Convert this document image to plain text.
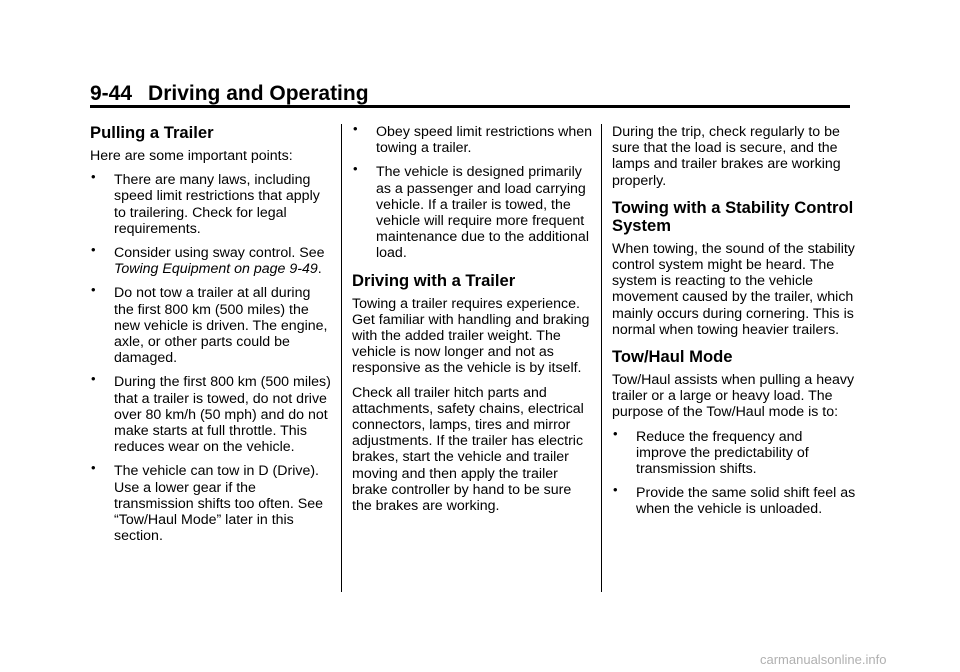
9-44 Driving and Operating
Pulling a Trailer

Here are some important points:

• There are many laws, including speed limit restrictions that apply to trailering. Check for legal requirements.
• Consider using sway control. See Towing Equipment on page 9-49.
• Do not tow a trailer at all during the first 800 km (500 miles) the new vehicle is driven. The engine, axle, or other parts could be damaged.
• During the first 800 km (500 miles) that a trailer is towed, do not drive over 80 km/h (50 mph) and do not make starts at full throttle. This reduces wear on the vehicle.
• The vehicle can tow in D (Drive). Use a lower gear if the transmission shifts too often. See “Tow/Haul Mode” later in this section.
• Obey speed limit restrictions when towing a trailer.
• The vehicle is designed primarily as a passenger and load carrying vehicle. If a trailer is towed, the vehicle will require more frequent maintenance due to the additional load.
Driving with a Trailer

Towing a trailer requires experience. Get familiar with handling and braking with the added trailer weight. The vehicle is now longer and not as responsive as the vehicle is by itself.

Check all trailer hitch parts and attachments, safety chains, electrical connectors, lamps, tires and mirror adjustments. If the trailer has electric brakes, start the vehicle and trailer moving and then apply the trailer brake controller by hand to be sure the brakes are working.

During the trip, check regularly to be sure that the load is secure, and the lamps and trailer brakes are working properly.

Towing with a Stability Control System

When towing, the sound of the stability control system might be heard. The system is reacting to the vehicle movement caused by the trailer, which mainly occurs during cornering. This is normal when towing heavier trailers.

Tow/Haul Mode

Tow/Haul assists when pulling a heavy trailer or a large or heavy load. The purpose of the Tow/Haul mode is to:

• Reduce the frequency and improve the predictability of transmission shifts.
• Provide the same solid shift feel as when the vehicle is unloaded.
carmanualsonline.info
